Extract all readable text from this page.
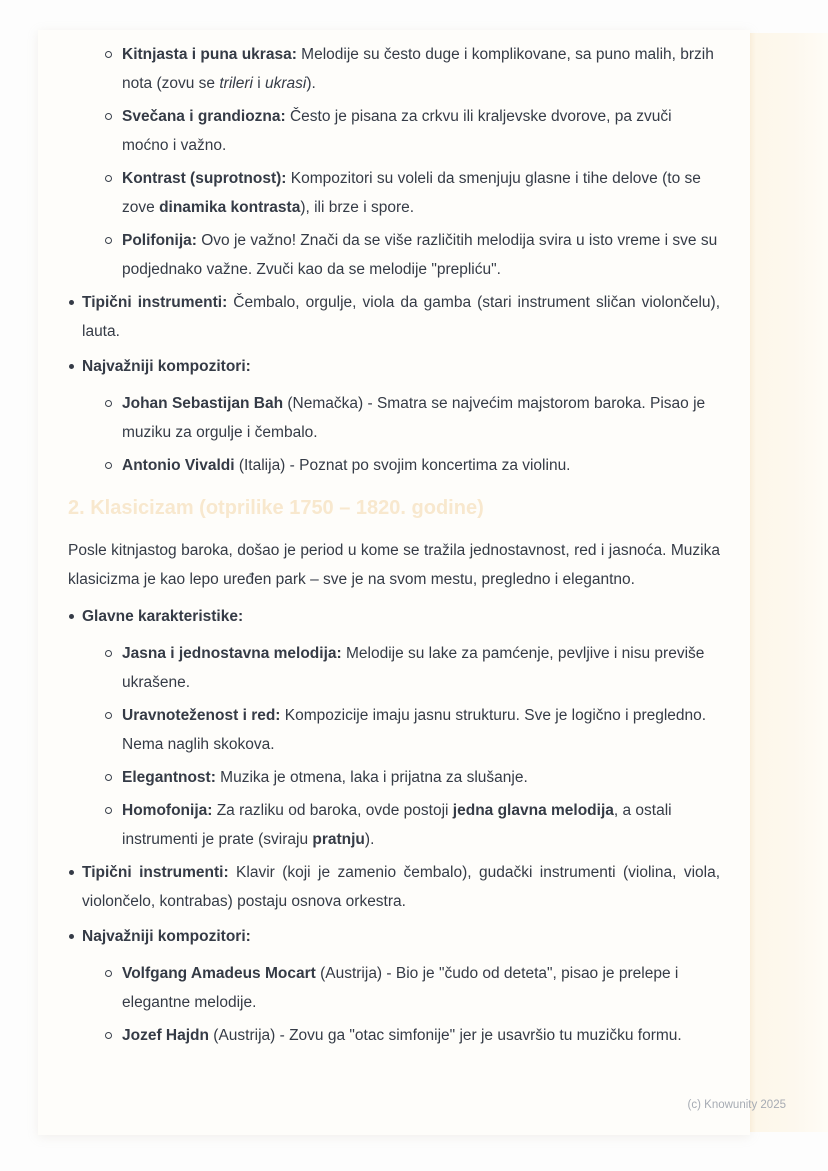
Kitnjasta i puna ukrasa: Melodije su često duge i komplikovane, sa puno malih, brzih nota (zovu se trileri i ukrasi).
Svečana i grandiozna: Često je pisana za crkvu ili kraljevske dvorove, pa zvuči moćno i važno.
Kontrast (suprotnost): Kompozitori su voleli da smenjuju glasne i tihe delove (to se zove dinamika kontrasta), ili brze i spore.
Polifonija: Ovo je važno! Znači da se više različitih melodija svira u isto vreme i sve su podjednako važne. Zvuči kao da se melodije "prepliću".
Tipični instrumenti: Čembalo, orgulje, viola da gamba (stari instrument sličan violončelu), lauta.
Najvažniji kompozitori:
Johan Sebastijan Bah (Nemačka) - Smatra se najvećim majstorom baroka. Pisao je muziku za orgulje i čembalo.
Antonio Vivaldi (Italija) - Poznat po svojim koncertima za violinu.
2. Klasicizam (otprilike 1750 – 1820. godine)
Posle kitnjastog baroka, došao je period u kome se tražila jednostavnost, red i jasnoća. Muzika klasicizma je kao lepo uređen park – sve je na svom mestu, pregledno i elegantno.
Glavne karakteristike:
Jasna i jednostavna melodija: Melodije su lake za pamćenje, pevljive i nisu previše ukrašene.
Uravnoteženost i red: Kompozicije imaju jasnu strukturu. Sve je logično i pregledno. Nema naglih skokova.
Elegantnost: Muzika je otmena, laka i prijatna za slušanje.
Homofonija: Za razliku od baroka, ovde postoji jedna glavna melodija, a ostali instrumenti je prate (sviraju pratnju).
Tipični instrumenti: Klavir (koji je zamenio čembalo), gudački instrumenti (violina, viola, violončelo, kontrabas) postaju osnova orkestra.
Najvažniji kompozitori:
Volfgang Amadeus Mocart (Austrija) - Bio je "čudo od deteta", pisao je prelepe i elegantne melodije.
Jozef Hajdn (Austrija) - Zovu ga "otac simfonije" jer je usavršio tu muzičku formu.
(c) Knowunity 2025
